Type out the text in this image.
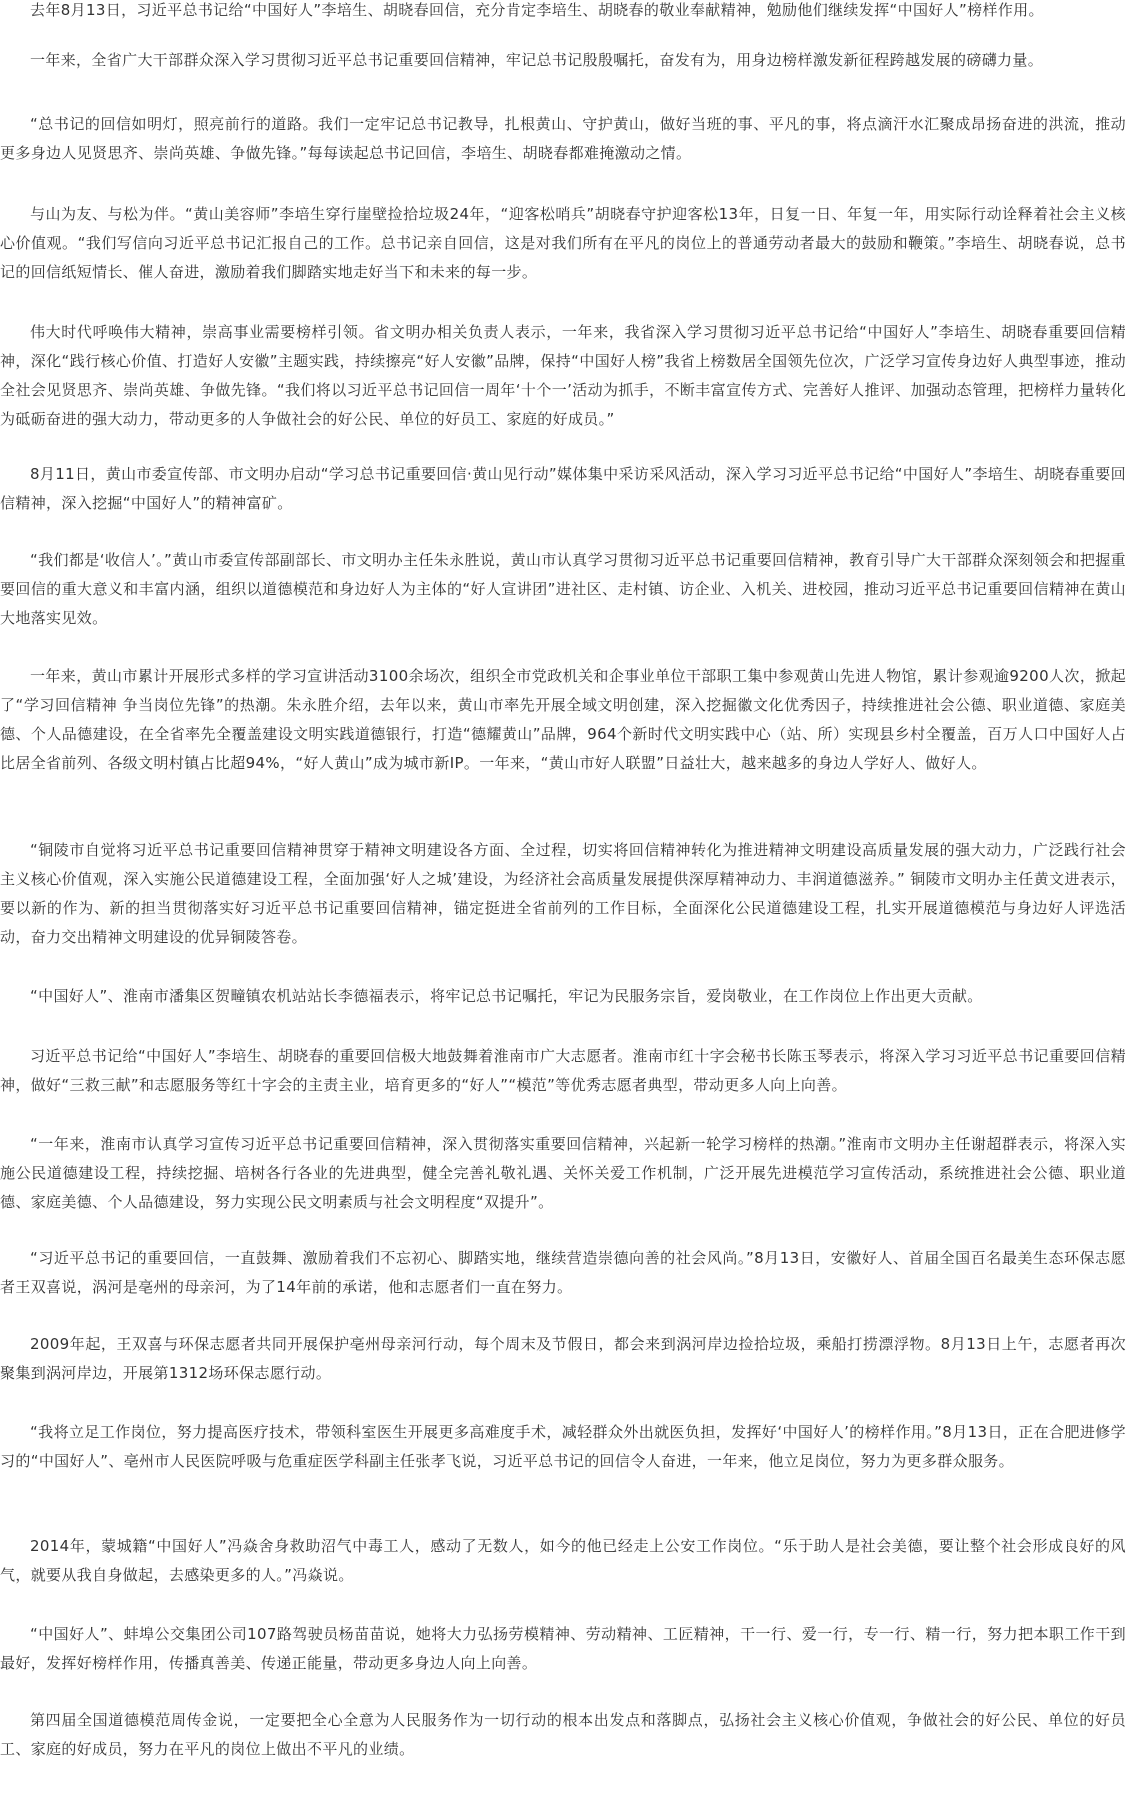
去年8月13日，习近平总书记给“中国好人”李培生、胡晓春回信，充分肯定李培生、胡晓春的敬业奉献精神，勉励他们继续发挥“中国好人”榜样作用。

一年来，全省广大干部群众深入学习贯彻习近平总书记重要回信精神，牢记总书记殷殷嘱托，奋发有为，用身边榜样激发新征程跨越发展的磅礴力量。

“总书记的回信如明灯，照亮前行的道路。我们一定牢记总书记教导，扎根黄山、守护黄山，做好当班的事、平凡的事，将点滴汗水汇聚成昂扬奋进的洪流，推动更多身边人见贤思齐、崇尚英雄、争做先锋。”每每读起总书记回信，李培生、胡晓春都难掩激动之情。

与山为友、与松为伴。“黄山美容师”李培生穿行崖壁捡拾垃圾24年，“迎客松哨兵”胡晓春守护迎客松13年，日复一日、年复一年，用实际行动诠释着社会主义核心价值观。“我们写信向习近平总书记汇报自己的工作。总书记亲自回信，这是对我们所有在平凡的岗位上的普通劳动者最大的鼓励和鞭策。”李培生、胡晓春说，总书记的回信纸短情长、催人奋进，激励着我们脚踏实地走好当下和未来的每一步。

伟大时代呼唤伟大精神，崇高事业需要榜样引领。省文明办相关负责人表示，一年来，我省深入学习贯彻习近平总书记给“中国好人”李培生、胡晓春重要回信精神，深化“践行核心价值、打造好人安徽”主题实践，持续擦亮“好人安徽”品牌，保持“中国好人榜”我省上榜数居全国领先位次，广泛学习宣传身边好人典型事迹，推动全社会见贤思齐、崇尚英雄、争做先锋。“我们将以习近平总书记回信一周年‘十个一’活动为抓手，不断丰富宣传方式、完善好人推评、加强动态管理，把榜样力量转化为砥砺奋进的强大动力，带动更多的人争做社会的好公民、单位的好员工、家庭的好成员。”

8月11日，黄山市委宣传部、市文明办启动“学习总书记重要回信·黄山见行动”媒体集中采访采风活动，深入学习习近平总书记给“中国好人”李培生、胡晓春重要回信精神，深入挖掘“中国好人”的精神富矿。

“我们都是‘收信人’。”黄山市委宣传部副部长、市文明办主任朱永胜说，黄山市认真学习贯彻习近平总书记重要回信精神，教育引导广大干部群众深刻领会和把握重要回信的重大意义和丰富内涵，组织以道德模范和身边好人为主体的“好人宣讲团”进社区、走村镇、访企业、入机关、进校园，推动习近平总书记重要回信精神在黄山大地落实见效。

一年来，黄山市累计开展形式多样的学习宣讲活动3100余场次，组织全市党政机关和企事业单位干部职工集中参观黄山先进人物馆，累计参观逾9200人次，掀起了“学习回信精神 争当岗位先锋”的热潮。朱永胜介绍，去年以来，黄山市率先开展全域文明创建，深入挖掘徽文化优秀因子，持续推进社会公德、职业道德、家庭美德、个人品德建设，在全省率先全覆盖建设文明实践道德银行，打造“德耀黄山”品牌，964个新时代文明实践中心（站、所）实现县乡村全覆盖，百万人口中国好人占比居全省前列、各级文明村镇占比超94%，“好人黄山”成为城市新IP。一年来，“黄山市好人联盟”日益壮大，越来越多的身边人学好人、做好人。

“铜陵市自觉将习近平总书记重要回信精神贯穿于精神文明建设各方面、全过程，切实将回信精神转化为推进精神文明建设高质量发展的强大动力，广泛践行社会主义核心价值观，深入实施公民道德建设工程，全面加强‘好人之城’建设，为经济社会高质量发展提供深厚精神动力、丰润道德滋养。” 铜陵市文明办主任黄文进表示，要以新的作为、新的担当贯彻落实好习近平总书记重要回信精神，锚定挺进全省前列的工作目标，全面深化公民道德建设工程，扎实开展道德模范与身边好人评选活动，奋力交出精神文明建设的优异铜陵答卷。

“中国好人”、淮南市潘集区贺疃镇农机站站长李德福表示，将牢记总书记嘱托，牢记为民服务宗旨，爱岗敬业，在工作岗位上作出更大贡献。

习近平总书记给“中国好人”李培生、胡晓春的重要回信极大地鼓舞着淮南市广大志愿者。淮南市红十字会秘书长陈玉琴表示，将深入学习习近平总书记重要回信精神，做好“三救三献”和志愿服务等红十字会的主责主业，培育更多的“好人”“模范”等优秀志愿者典型，带动更多人向上向善。

“一年来，淮南市认真学习宣传习近平总书记重要回信精神，深入贯彻落实重要回信精神，兴起新一轮学习榜样的热潮。”淮南市文明办主任谢超群表示，将深入实施公民道德建设工程，持续挖掘、培树各行各业的先进典型，健全完善礼敬礼遇、关怀关爱工作机制，广泛开展先进模范学习宣传活动，系统推进社会公德、职业道德、家庭美德、个人品德建设，努力实现公民文明素质与社会文明程度“双提升”。

“习近平总书记的重要回信，一直鼓舞、激励着我们不忘初心、脚踏实地，继续营造崇德向善的社会风尚。”8月13日，安徽好人、首届全国百名最美生态环保志愿者王双喜说，涡河是亳州的母亲河，为了14年前的承诺，他和志愿者们一直在努力。

2009年起，王双喜与环保志愿者共同开展保护亳州母亲河行动，每个周末及节假日，都会来到涡河岸边捡拾垃圾，乘船打捞漂浮物。8月13日上午，志愿者再次聚集到涡河岸边，开展第1312场环保志愿行动。

“我将立足工作岗位，努力提高医疗技术，带领科室医生开展更多高难度手术，减轻群众外出就医负担，发挥好‘中国好人’的榜样作用。”8月13日，正在合肥进修学习的“中国好人”、亳州市人民医院呼吸与危重症医学科副主任张孝飞说，习近平总书记的回信令人奋进，一年来，他立足岗位，努力为更多群众服务。

2014年，蒙城籍“中国好人”冯焱舍身救助沼气中毒工人，感动了无数人，如今的他已经走上公安工作岗位。“乐于助人是社会美德，要让整个社会形成良好的风气，就要从我自身做起，去感染更多的人。”冯焱说。

“中国好人”、蚌埠公交集团公司107路驾驶员杨苗苗说，她将大力弘扬劳模精神、劳动精神、工匠精神，干一行、爱一行，专一行、精一行，努力把本职工作干到最好，发挥好榜样作用，传播真善美、传递正能量，带动更多身边人向上向善。

第四届全国道德模范周传金说，一定要把全心全意为人民服务作为一切行动的根本出发点和落脚点，弘扬社会主义核心价值观，争做社会的好公民、单位的好员工、家庭的好成员，努力在平凡的岗位上做出不平凡的业绩。
